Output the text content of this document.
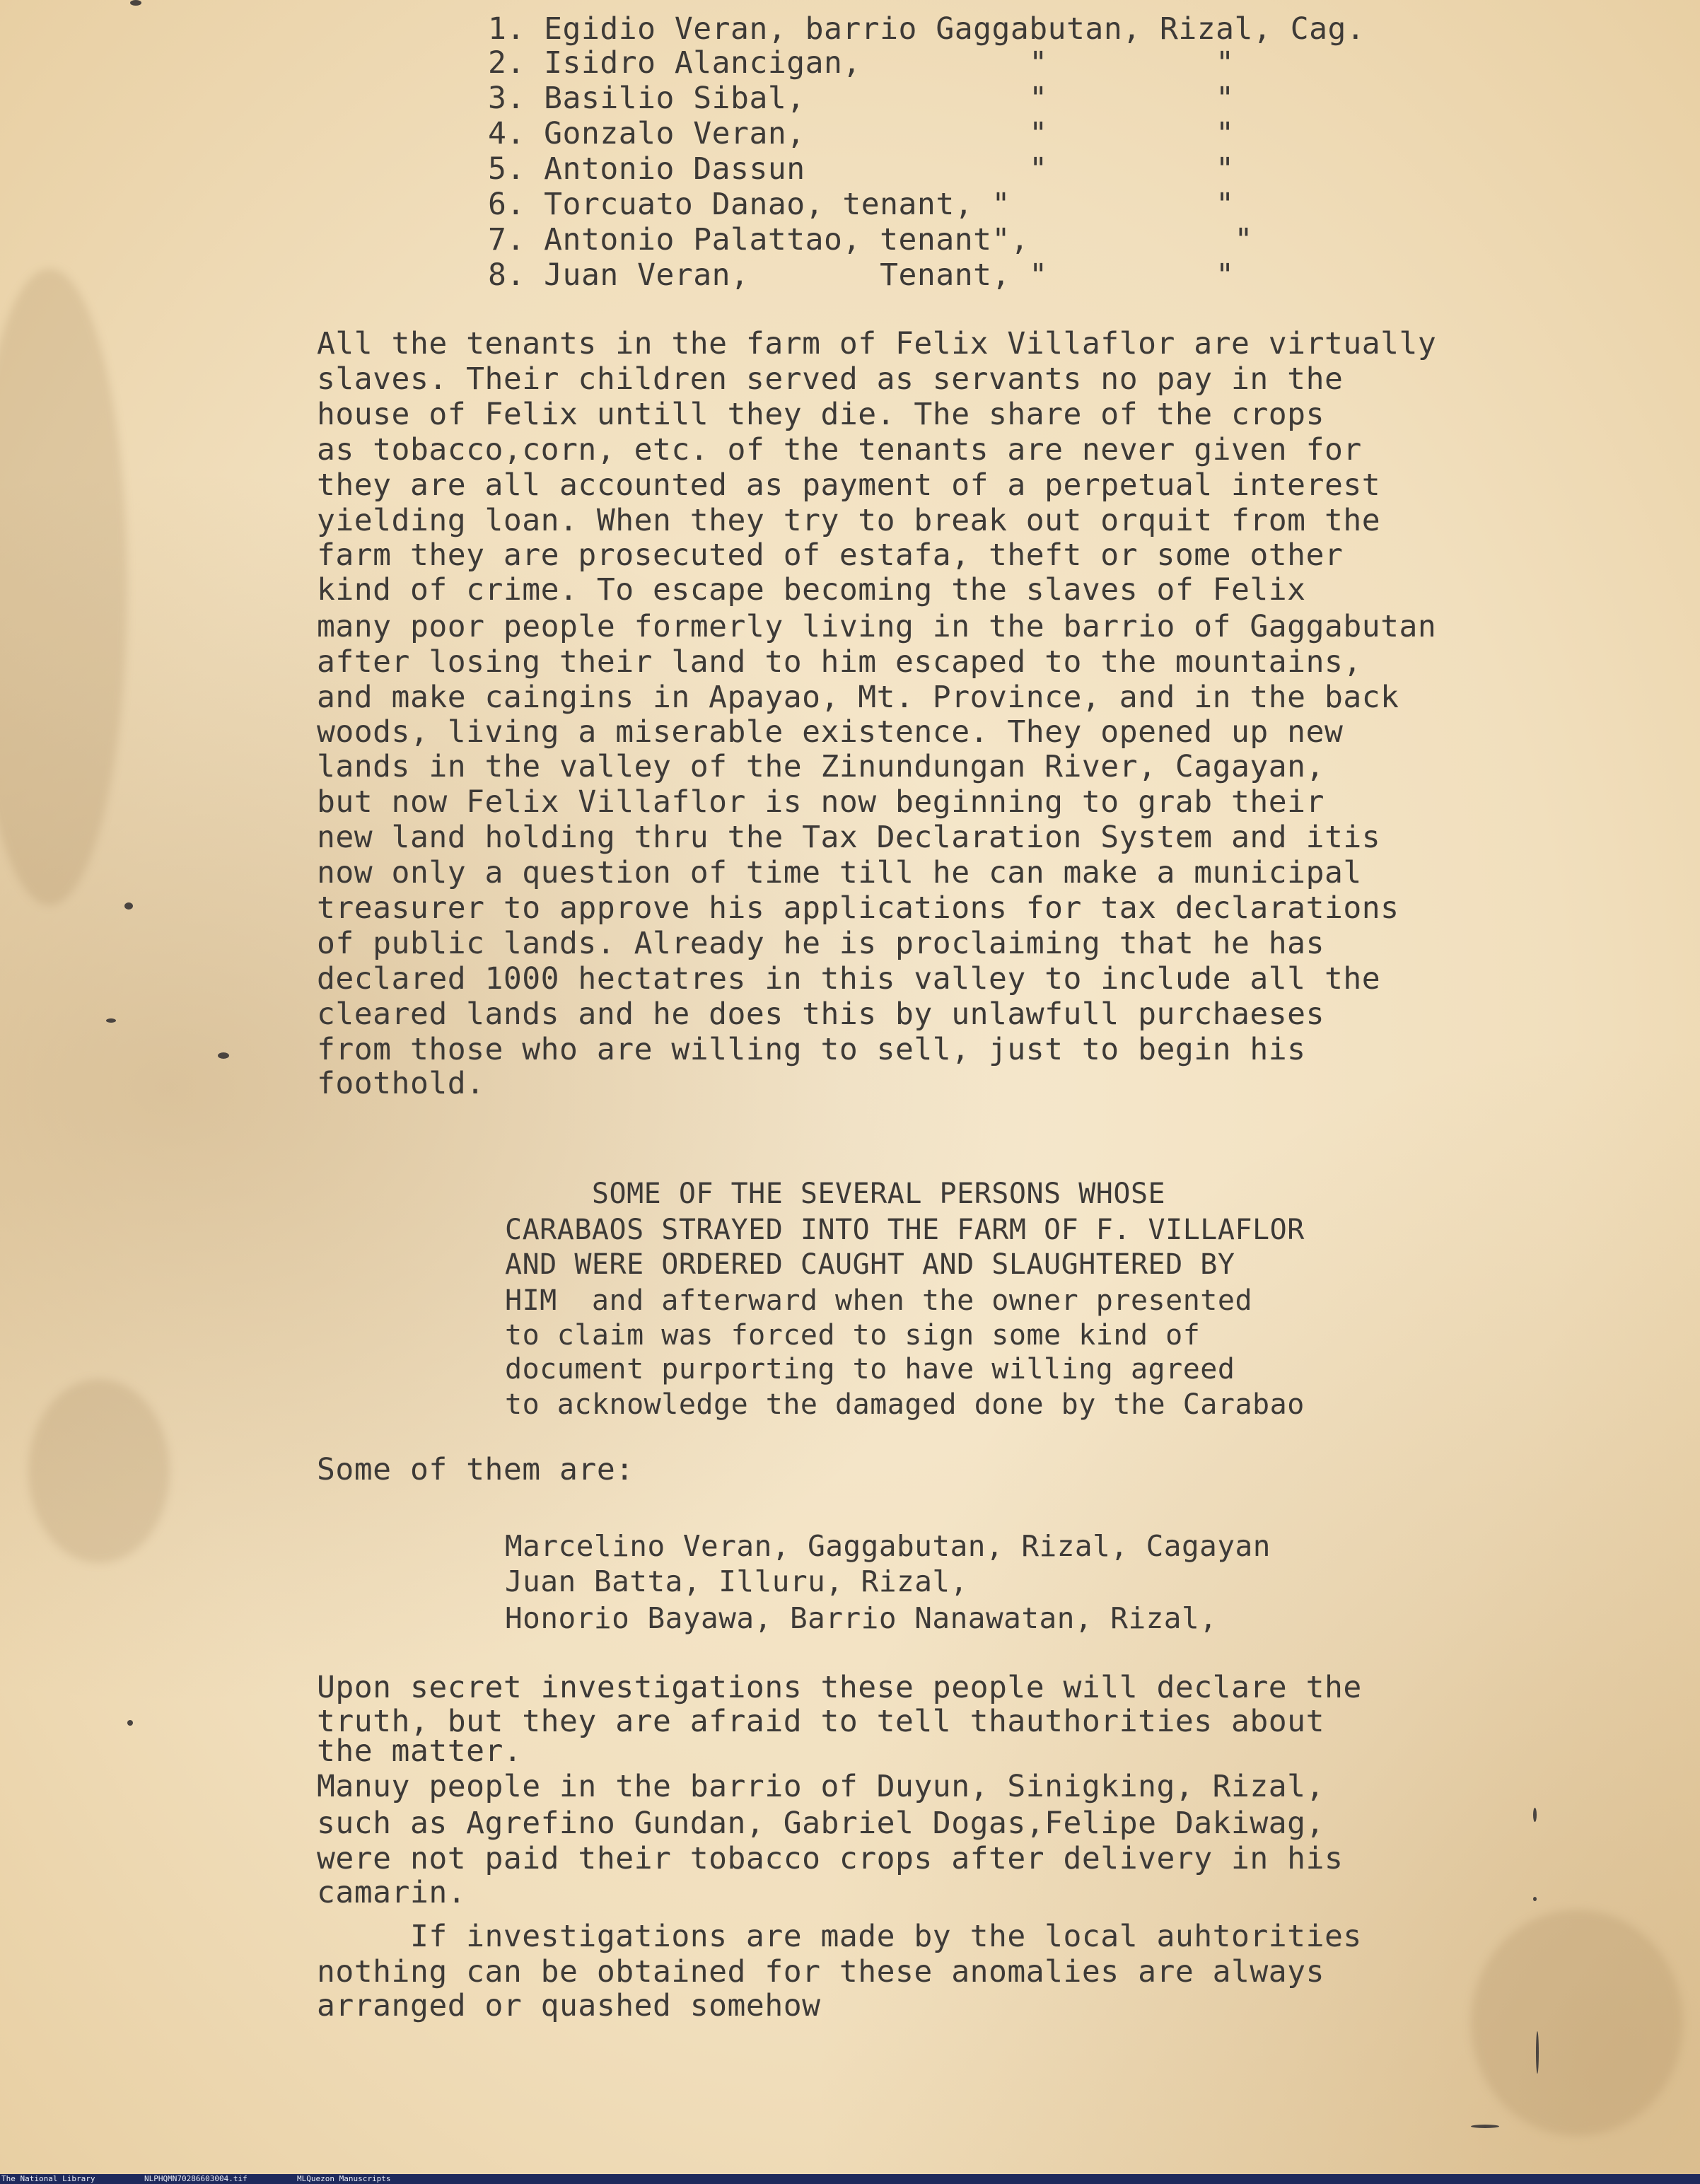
1. Egidio Veran, barrio Gaggabutan, Rizal, Cag.
2. Isidro Alancigan,         "         "
3. Basilio Sibal,            "         "
4. Gonzalo Veran,            "         "
5. Antonio Dassun            "         "
6. Torcuato Danao, tenant, "           "
7. Antonio Palattao, tenant",           "
8. Juan Veran,       Tenant, "         "
All the tenants in the farm of Felix Villaflor are virtually
slaves. Their children served as servants no pay in the
house of Felix untill they die. The share of the crops
as tobacco,corn, etc. of the tenants are never given for
they are all accounted as payment of a perpetual interest
yielding loan. When they try to break out orquit from the
farm they are prosecuted of estafa, theft or some other
kind of crime. To escape becoming the slaves of Felix
many poor people formerly living in the barrio of Gaggabutan
after losing their land to him escaped to the mountains,
and make caingins in Apayao, Mt. Province, and in the back
woods, living a miserable existence. They opened up new
lands in the valley of the Zinundungan River, Cagayan,
but now Felix Villaflor is now beginning to grab their
new land holding thru the Tax Declaration System and itis
now only a question of time till he can make a municipal
treasurer to approve his applications for tax declarations
of public lands. Already he is proclaiming that he has
declared 1000 hectatres in this valley to include all the
cleared lands and he does this by unlawfull purchaeses
from those who are willing to sell, just to begin his
foothold.
SOME OF THE SEVERAL PERSONS WHOSE
CARABAOS STRAYED INTO THE FARM OF F. VILLAFLOR
AND WERE ORDERED CAUGHT AND SLAUGHTERED BY
HIM  and afterward when the owner presented
to claim was forced to sign some kind of
document purporting to have willing agreed
to acknowledge the damaged done by the Carabao
Some of them are:
Marcelino Veran, Gaggabutan, Rizal, Cagayan
Juan Batta, Illuru, Rizal,
Honorio Bayawa, Barrio Nanawatan, Rizal,
Upon secret investigations these people will declare the
truth, but they are afraid to tell thauthorities about
the matter.
Manuy people in the barrio of Duyun, Sinigking, Rizal,
such as Agrefino Gundan, Gabriel Dogas,Felipe Dakiwag,
were not paid their tobacco crops after delivery in his
camarin.
If investigations are made by the local auhtorities
nothing can be obtained for these anomalies are always
arranged or quashed somehow

The National Library

	NLPHQMN70286603004.tif

	MLQuezon Manuscripts
